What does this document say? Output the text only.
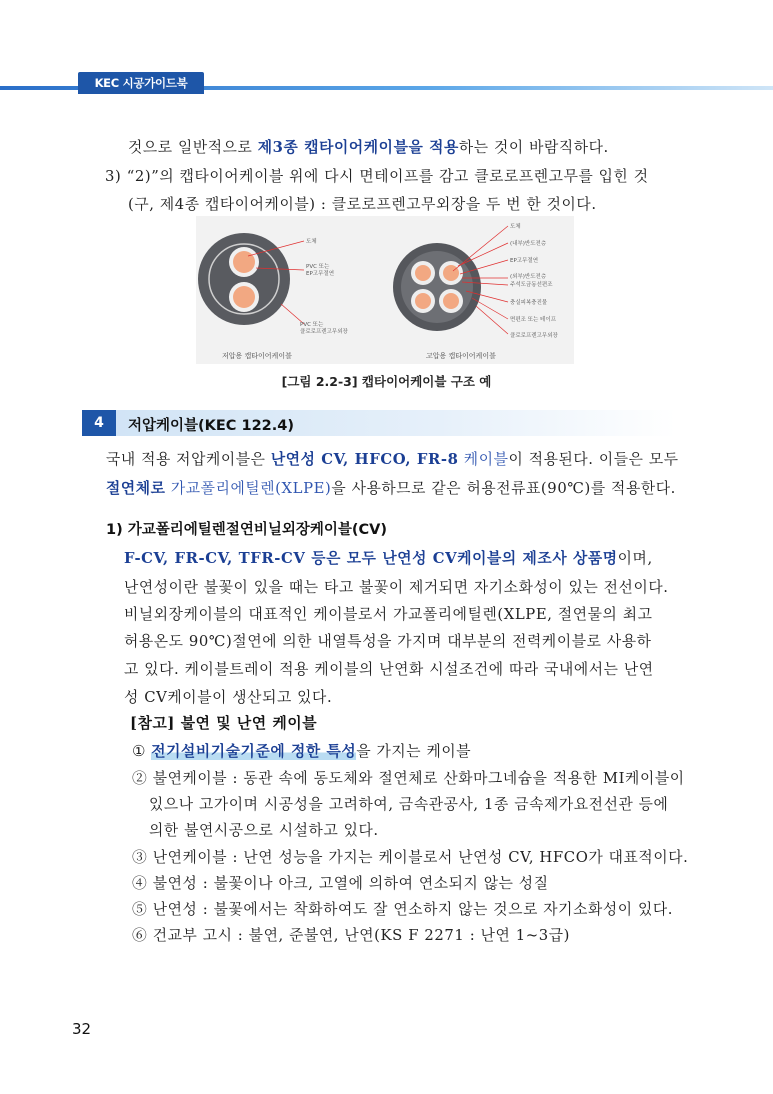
KEC 시공가이드북
것으로 일반적으로 제3종 캡타이어케이블을 적용하는 것이 바람직하다.
3) “2)”의 캡타이어케이블 위에 다시 면테이프를 감고 클로로프렌고무를 입힌 것
(구, 제4종 캡타이어케이블) : 클로로프렌고무외장을 두 번 한 것이다.
도체
PVC 또는
EP고무절연
PVC 또는
클로로프렌고무외장
저압용 캡타이어케이블
도체
(내부)반도전층
EP고무절연
(외부)반도전층
주석도금동선편조
충실피복충진물
면편조 또는 테이프
클로로프렌고무외장
고압용 캡타이어케이블
[그림 2.2-3] 캡타이어케이블 구조 예
4	저압케이블(KEC 122.4)
국내 적용 저압케이블은 난연성 CV, HFCO, FR-8 케이블이 적용된다. 이들은 모두
절연체로 가교폴리에틸렌(XLPE)을 사용하므로 같은 허용전류표(90℃)를 적용한다.
1) 가교폴리에틸렌절연비닐외장케이블(CV)
F-CV, FR-CV, TFR-CV 등은 모두 난연성 CV케이블의 제조사 상품명이며,
난연성이란 불꽃이 있을 때는 타고 불꽃이 제거되면 자기소화성이 있는 전선이다.
비닐외장케이블의 대표적인 케이블로서 가교폴리에틸렌(XLPE, 절연물의 최고
허용온도 90℃)절연에 의한 내열특성을 가지며 대부분의 전력케이블로 사용하
고 있다. 케이블트레이 적용 케이블의 난연화 시설조건에 따라 국내에서는 난연
성 CV케이블이 생산되고 있다.
[참고] 불연 및 난연 케이블
① 전기설비기술기준에 정한 특성을 가지는 케이블
② 불연케이블 : 동관 속에 동도체와 절연체로 산화마그네슘을 적용한 MI케이블이
있으나 고가이며 시공성을 고려하여, 금속관공사, 1종 금속제가요전선관 등에
의한 불연시공으로 시설하고 있다.
③ 난연케이블 : 난연 성능을 가지는 케이블로서 난연성 CV, HFCO가 대표적이다.
④ 불연성 : 불꽃이나 아크, 고열에 의하여 연소되지 않는 성질
⑤ 난연성 : 불꽃에서는 착화하여도 잘 연소하지 않는 것으로 자기소화성이 있다.
⑥ 건교부 고시 : 불연, 준불연, 난연(KS F 2271 : 난연 1~3급)
32
